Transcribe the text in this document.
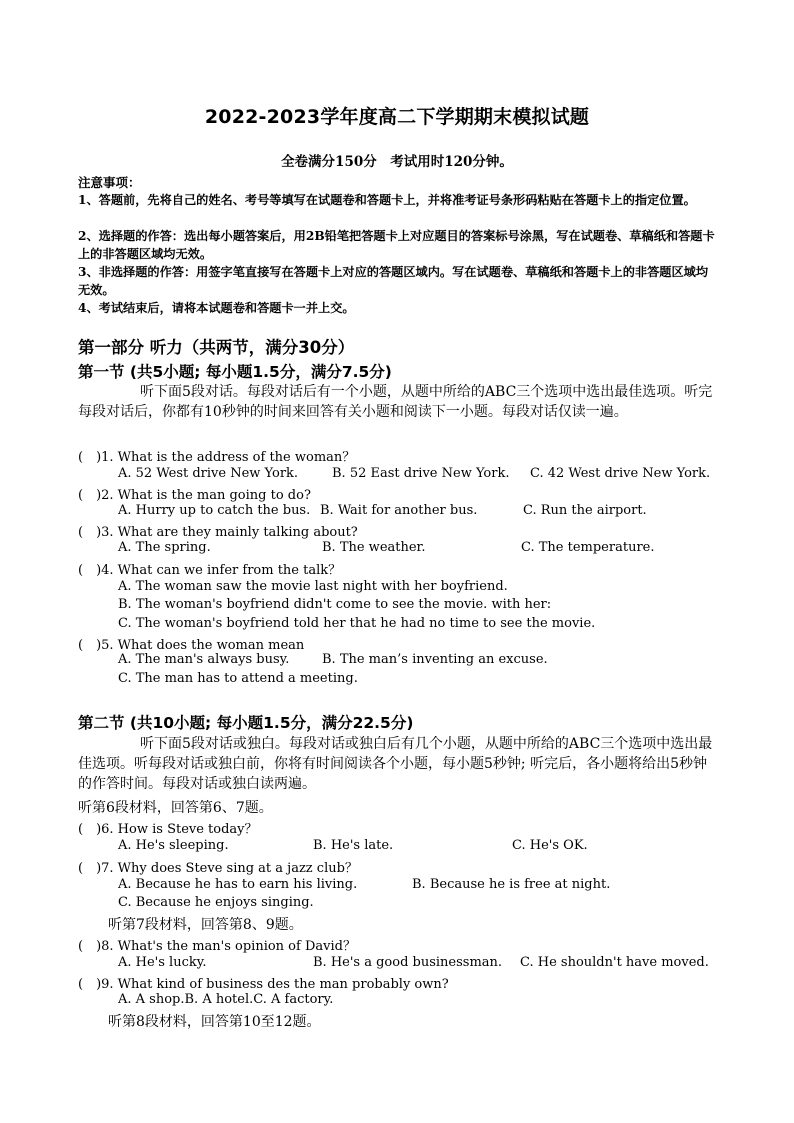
2022-2023学年度高二下学期期末模拟试题
全卷满分150分　考试用时120分钟。
注意事项：
1、答题前，先将自己的姓名、考号等填写在试题卷和答题卡上，并将准考证号条形码粘贴在答题卡上的指定位置。
2、选择题的作答：选出每小题答案后，用2B铅笔把答题卡上对应题目的答案标号涂黑，写在试题卷、草稿纸和答题卡上的非答题区域均无效。
3、非选择题的作答：用签字笔直接写在答题卡上对应的答题区域内。写在试题卷、草稿纸和答题卡上的非答题区域均无效。
4、考试结束后，请将本试题卷和答题卡一并上交。
第一部分 听力（共两节，满分30分）
第一节 (共5小题; 每小题1.5分，满分7.5分)
听下面5段对话。每段对话后有一个小题，从题中所给的ABC三个选项中选出最佳选项。听完每段对话后，你都有10秒钟的时间来回答有关小题和阅读下一小题。每段对话仅读一遍。
(　)1. What is the address of the woman？
A. 52 West drive New York.	B. 52 East drive New York. C. 42 West drive New York.
(　)2. What is the man going to do?
A. Hurry up to catch the bus. B. Wait for another bus.	C. Run the airport.
(　)3. What are they mainly talking about?
A. The spring.	B. The weather.	C. The temperature.
(　)4. What can we infer from the talk？
A. The woman saw the movie last night with her boyfriend.
B. The woman's boyfriend didn't come to see the movie. with her:
C. The woman's boyfriend told her that he had no time to see the movie.
(　)5. What does the woman mean
A. The man's always busy.	B. The man’s inventing an excuse.
C. The man has to attend a meeting.
第二节 (共10小题; 每小题1.5分，满分22.5分)
听下面5段对话或独白。每段对话或独白后有几个小题，从题中所给的ABC三个选项中选出最佳选项。听每段对话或独白前，你将有时间阅读各个小题，每小题5秒钟; 听完后，各小题将给出5秒钟的作答时间。每段对话或独白读两遍。
听第6段材料，回答第6、7题。
(　)6. How is Steve today？
A. He's sleeping.	B. He's late.	C. He's OK.
(　)7. Why does Steve sing at a jazz club？
A. Because he has to earn his living.	B. Because he is free at night.
C. Because he enjoys singing.
听第7段材料，回答第8、9题。
(　)8. What's the man's opinion of David？
A. He's lucky.	B. He's a good businessman. C. He shouldn't have moved.
(　)9. What kind of business des the man probably own?
A. A shop.B. A hotel.C. A factory.
听第8段材料，回答第10至12题。
